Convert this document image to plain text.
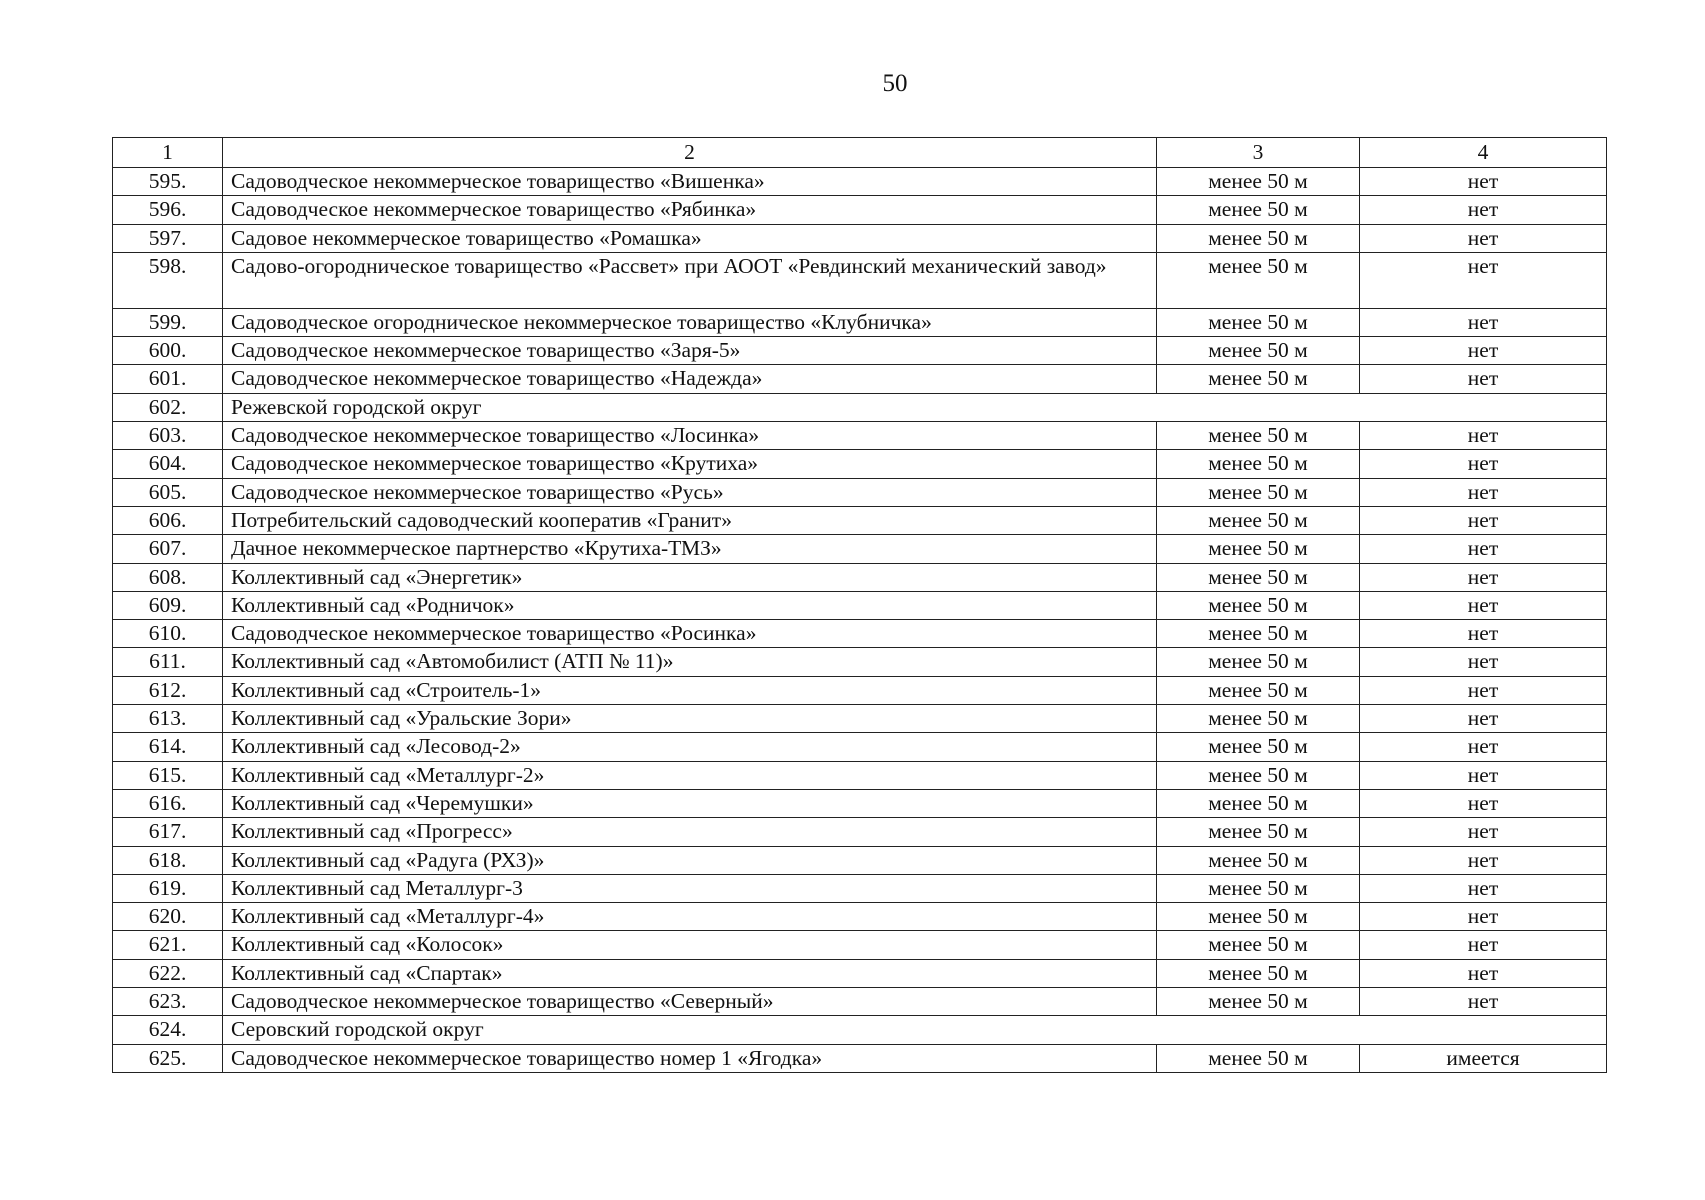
50
1	2	3	4
595.	Садоводческое некоммерческое товарищество «Вишенка»	менее 50 м	нет
596.	Садоводческое некоммерческое товарищество «Рябинка»	менее 50 м	нет
597.	Садовое некоммерческое товарищество «Ромашка»	менее 50 м	нет
598.	Садово-огородническое товарищество «Рассвет» при АООТ «Ревдинский механический завод»	менее 50 м	нет
599.	Садоводческое огородническое некоммерческое товарищество «Клубничка»	менее 50 м	нет
600.	Садоводческое некоммерческое товарищество «Заря-5»	менее 50 м	нет
601.	Садоводческое некоммерческое товарищество «Надежда»	менее 50 м	нет
602.	Режевской городской округ		
603.	Садоводческое некоммерческое товарищество «Лосинка»	менее 50 м	нет
604.	Садоводческое некоммерческое товарищество «Крутиха»	менее 50 м	нет
605.	Садоводческое некоммерческое товарищество «Русь»	менее 50 м	нет
606.	Потребительский садоводческий кооператив «Гранит»	менее 50 м	нет
607.	Дачное некоммерческое партнерство «Крутиха-ТМЗ»	менее 50 м	нет
608.	Коллективный сад «Энергетик»	менее 50 м	нет
609.	Коллективный сад «Родничок»	менее 50 м	нет
610.	Садоводческое некоммерческое товарищество «Росинка»	менее 50 м	нет
611.	Коллективный сад «Автомобилист (АТП № 11)»	менее 50 м	нет
612.	Коллективный сад «Строитель-1»	менее 50 м	нет
613.	Коллективный сад «Уральские Зори»	менее 50 м	нет
614.	Коллективный сад «Лесовод-2»	менее 50 м	нет
615.	Коллективный сад «Металлург-2»	менее 50 м	нет
616.	Коллективный сад «Черемушки»	менее 50 м	нет
617.	Коллективный сад «Прогресс»	менее 50 м	нет
618.	Коллективный сад «Радуга (РХЗ)»	менее 50 м	нет
619.	Коллективный сад Металлург-3	менее 50 м	нет
620.	Коллективный сад «Металлург-4»	менее 50 м	нет
621.	Коллективный сад «Колосок»	менее 50 м	нет
622.	Коллективный сад «Спартак»	менее 50 м	нет
623.	Садоводческое некоммерческое товарищество «Северный»	менее 50 м	нет
624.	Серовский городской округ		
625.	Садоводческое некоммерческое товарищество номер 1 «Ягодка»	менее 50 м	имеется
